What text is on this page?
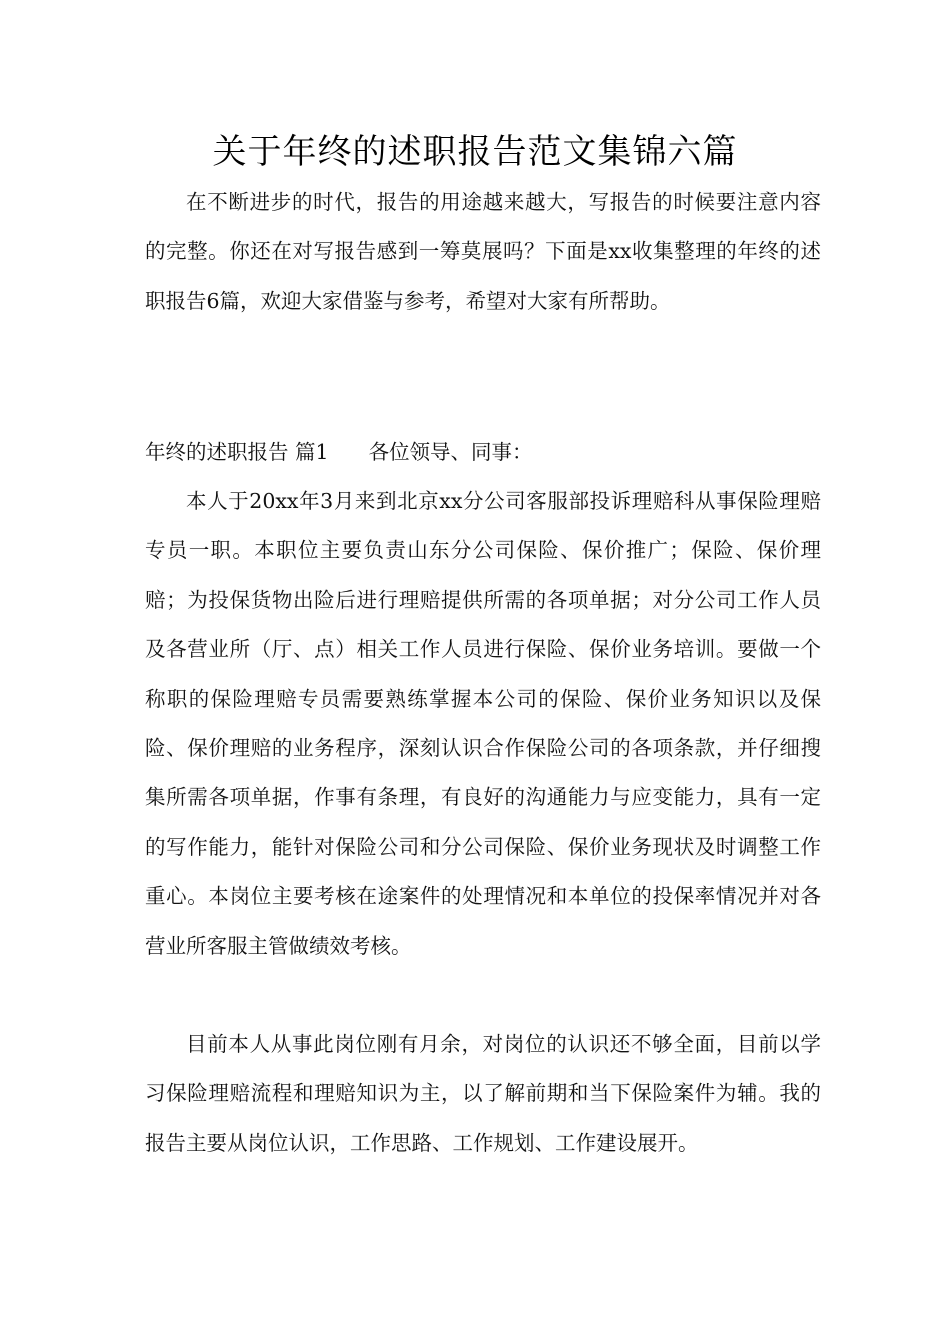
关于年终的述职报告范文集锦六篇

在不断进步的时代，报告的用途越来越大，写报告的时候要注意内容的完整。你还在对写报告感到一筹莫展吗？下面是xx收集整理的年终的述职报告6篇，欢迎大家借鉴与参考，希望对大家有所帮助。

年终的述职报告 篇1 各位领导、同事：

本人于20xx年3月来到北京xx分公司客服部投诉理赔科从事保险理赔专员一职。本职位主要负责山东分公司保险、保价推广；保险、保价理赔；为投保货物出险后进行理赔提供所需的各项单据；对分公司工作人员及各营业所（厅、点）相关工作人员进行保险、保价业务培训。要做一个称职的保险理赔专员需要熟练掌握本公司的保险、保价业务知识以及保险、保价理赔的业务程序，深刻认识合作保险公司的各项条款，并仔细搜集所需各项单据，作事有条理，有良好的沟通能力与应变能力，具有一定的写作能力，能针对保险公司和分公司保险、保价业务现状及时调整工作重心。本岗位主要考核在途案件的处理情况和本单位的投保率情况并对各营业所客服主管做绩效考核。

目前本人从事此岗位刚有月余，对岗位的认识还不够全面，目前以学习保险理赔流程和理赔知识为主，以了解前期和当下保险案件为辅。我的报告主要从岗位认识，工作思路、工作规划、工作建设展开。
